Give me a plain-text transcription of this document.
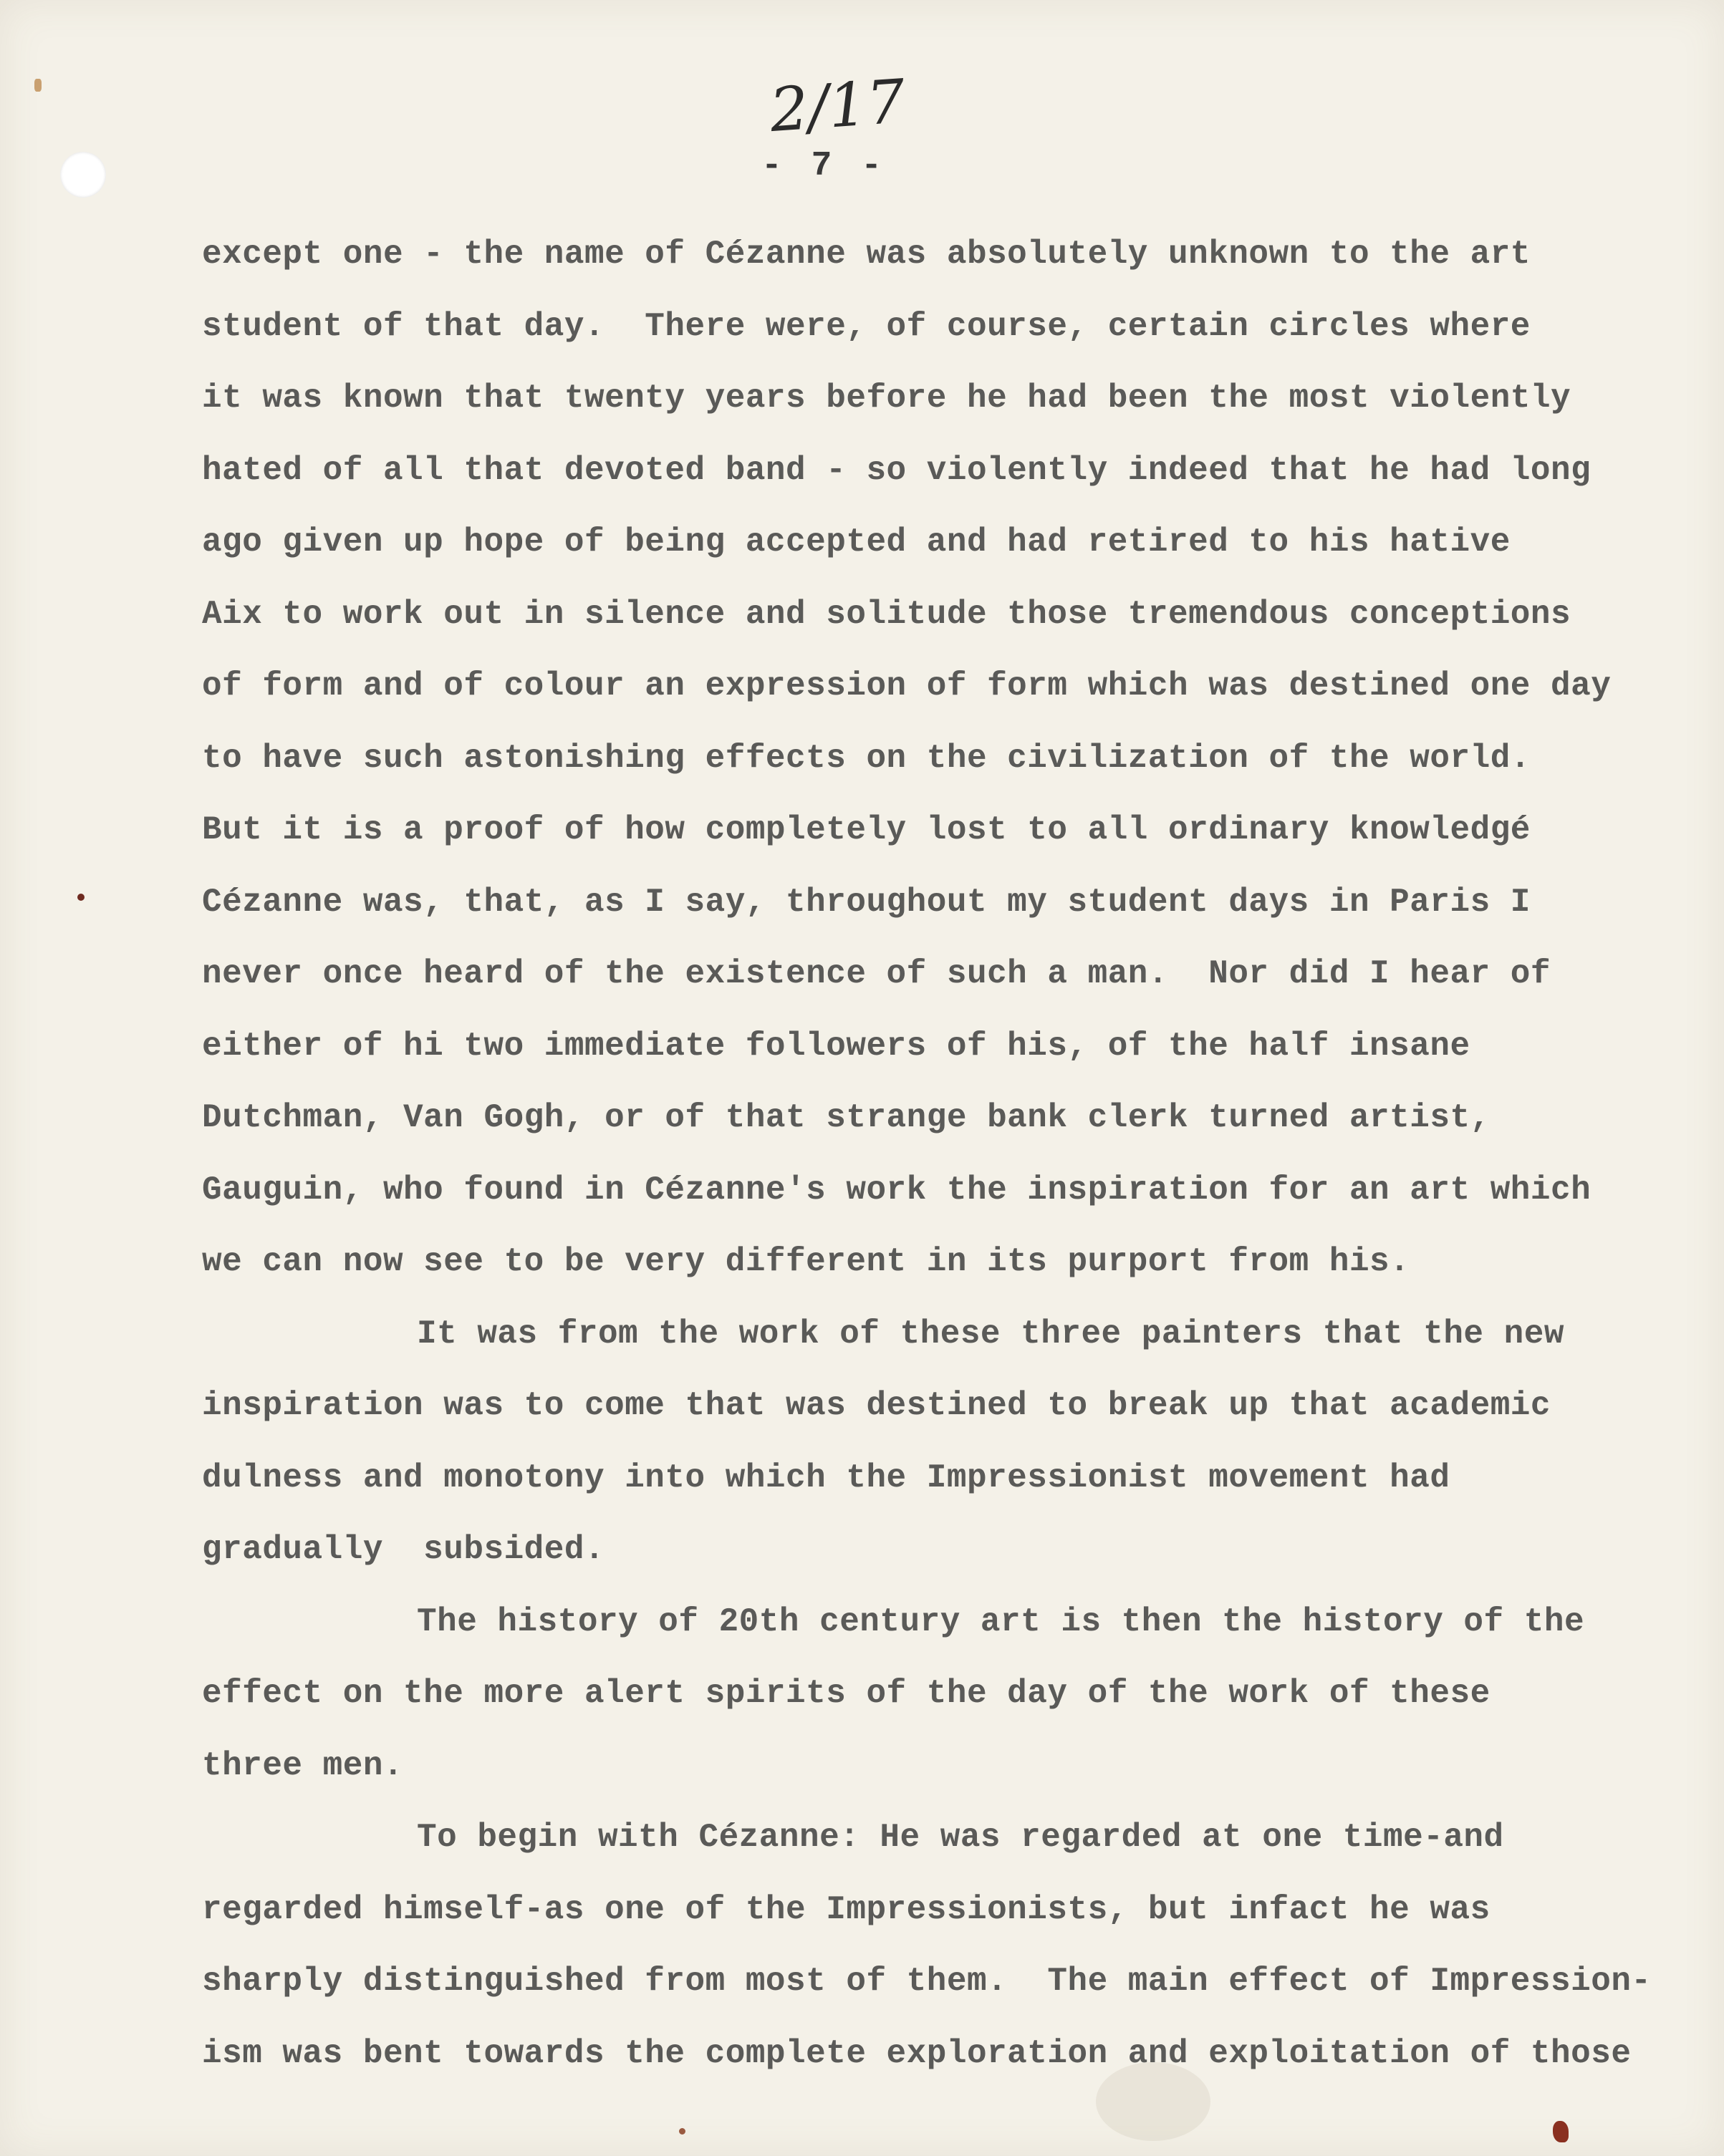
2/17
- 7 -
except one - the name of Cézanne was absolutely unknown to the art
student of that day.  There were, of course, certain circles where
it was known that twenty years before he had been the most violently
hated of all that devoted band - so violently indeed that he had long
ago given up hope of being accepted and had retired to his hative
Aix to work out in silence and solitude those tremendous conceptions
of form and of colour an expression of form which was destined one day
to have such astonishing effects on the civilization of the world.
But it is a proof of how completely lost to all ordinary knowledgé
Cézanne was, that, as I say, throughout my student days in Paris I
never once heard of the existence of such a man.  Nor did I hear of
either of hi two immediate followers of his, of the half insane
Dutchman, Van Gogh, or of that strange bank clerk turned artist,
Gauguin, who found in Cézanne's work the inspiration for an art which
we can now see to be very different in its purport from his.
It was from the work of these three painters that the new
inspiration was to come that was destined to break up that academic
dulness and monotony into which the Impressionist movement had
gradually  subsided.
The history of 20th century art is then the history of the
effect on the more alert spirits of the day of the work of these
three men.
To begin with Cézanne: He was regarded at one time-and
regarded himself-as one of the Impressionists, but infact he was
sharply distinguished from most of them.  The main effect of Impression-
ism was bent towards the complete exploration and exploitation of those
